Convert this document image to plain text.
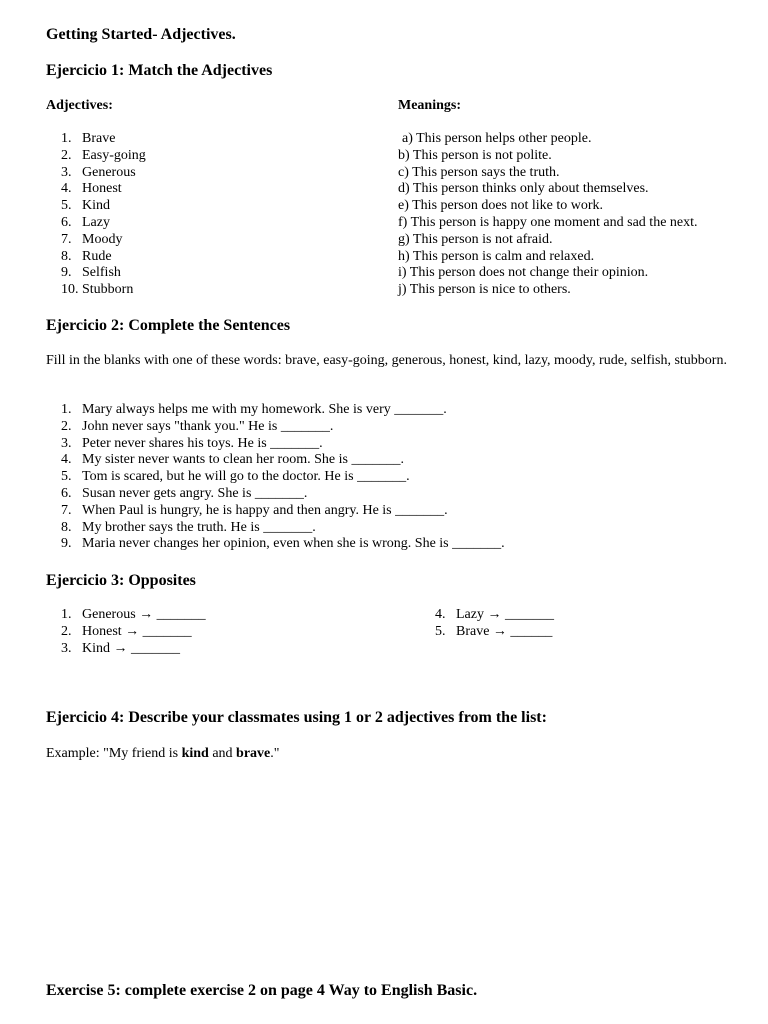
Getting Started- Adjectives.
Ejercicio 1: Match the Adjectives
Adjectives:	Meanings:
1. Brave
2. Easy-going
3. Generous
4. Honest
5. Kind
6. Lazy
7. Moody
8. Rude
9. Selfish
10. Stubborn
a) This person helps other people.
b) This person is not polite.
c) This person says the truth.
d) This person thinks only about themselves.
e) This person does not like to work.
f) This person is happy one moment and sad the next.
g) This person is not afraid.
h) This person is calm and relaxed.
i) This person does not change their opinion.
j) This person is nice to others.
Ejercicio 2: Complete the Sentences

Fill in the blanks with one of these words: brave, easy-going, generous, honest, kind, lazy, moody, rude, selfish, stubborn.

1. Mary always helps me with my homework. She is very _______.
2. John never says "thank you." He is _______.
3. Peter never shares his toys. He is _______.
4. My sister never wants to clean her room. She is _______.
5. Tom is scared, but he will go to the doctor. He is _______.
6. Susan never gets angry. She is _______.
7. When Paul is hungry, he is happy and then angry. He is _______.
8. My brother says the truth. He is _______.
9. Maria never changes her opinion, even when she is wrong. She is _______.
Ejercicio 3: Opposites
1. Generous → _______
2. Honest → _______
3. Kind → _______
4. Lazy → _______
5. Brave → ______
Ejercicio 4: Describe your classmates using 1 or 2 adjectives from the list:

Example: "My friend is kind and brave."

Exercise 5: complete exercise 2 on page 4 Way to English Basic.
